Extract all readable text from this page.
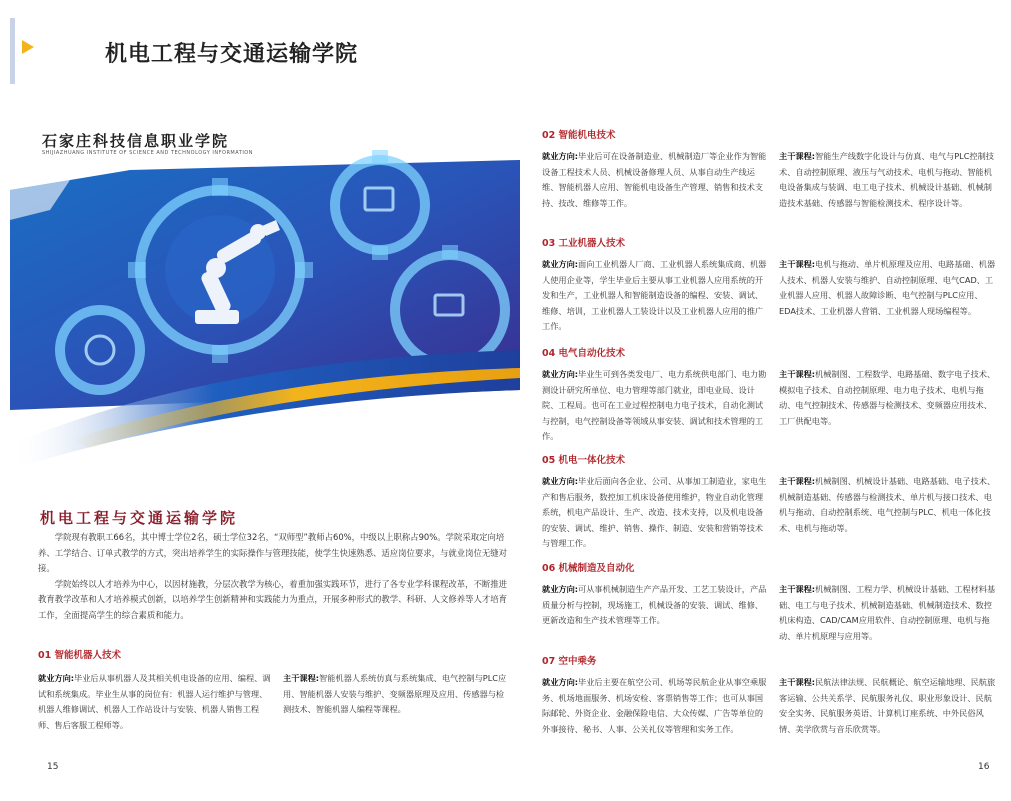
机电工程与交通运输学院
石家庄科技信息职业学院
SHIJIAZHUANG INSTITUTE OF SCIENCE AND TECHNOLOGY INFORMATION
机电工程与交通运输学院

学院现有教职工66名，其中博士学位2名，硕士学位32名，“双师型”教师占60%，中级以上职称占90%。学院采取定向培养、工学结合、订单式教学的方式，突出培养学生的实际操作与管理技能，使学生快速熟悉、适应岗位要求，与就业岗位无缝对接。

学院始终以人才培养为中心，以因材施教，分层次教学为核心，着重加强实践环节，进行了各专业学科课程改革，不断推进教育教学改革和人才培养模式创新，以培养学生创新精神和实践能力为重点，开展多种形式的教学、科研、人文修养等人才培育工作，全面提高学生的综合素质和能力。

01 智能机器人技术
就业方向:毕业后从事机器人及其相关机电设备的应用、编程、调试和系统集成。毕业生从事的岗位有：机器人运行维护与管理、机器人维修调试、机器人工作站设计与安装、机器人销售工程师、售后客服工程师等。
主干课程:智能机器人系统仿真与系统集成、电气控制与PLC应用、智能机器人安装与维护、变频器原理及应用、传感器与检测技术、智能机器人编程等课程。
15
02 智能机电技术
就业方向:毕业后可在设备制造业、机械制造厂等企业作为智能设备工程技术人员、机械设备修理人员、从事自动生产线运维、智能机器人应用、智能机电设备生产管理、销售和技术支持、技改、维修等工作。
主干课程:智能生产线数字化设计与仿真、电气与PLC控制技术、自动控制原理、液压与气动技术、电机与拖动、智能机电设备集成与装调、电工电子技术、机械设计基础、机械制造技术基础、传感器与智能检测技术、程序设计等。
03 工业机器人技术
就业方向:面向工业机器人厂商、工业机器人系统集成商、机器人使用企业等，学生毕业后主要从事工业机器人应用系统的开发和生产，工业机器人和智能制造设备的编程、安装、调试、维修、培训，工业机器人工装设计以及工业机器人应用的推广工作。
主干课程:电机与拖动、单片机原理及应用、电路基础、机器人技术、机器人安装与维护、自动控制原理、电气CAD、工业机器人应用、机器人故障诊断、电气控制与PLC应用、EDA技术、工业机器人营销、工业机器人现场编程等。
04 电气自动化技术
就业方向:毕业生可到各类发电厂、电力系统供电部门、电力勘测设计研究所单位、电力管理等部门就业，即电业局、设计院、工程局。也可在工业过程控制电力电子技术，自动化测试与控制，电气控制设备等领域从事安装、调试和技术管理的工作。
主干课程:机械制图、工程数学、电路基础、数字电子技术、模拟电子技术、自动控制原理、电力电子技术、电机与拖动、电气控制技术、传感器与检测技术、变频器应用技术、工厂供配电等。
05 机电一体化技术
就业方向:毕业后面向各企业、公司、从事加工制造业，家电生产和售后服务，数控加工机床设备使用维护，物业自动化管理系统，机电产品设计、生产、改造、技术支持，以及机电设备的安装、调试、维护、销售、操作、制造、安装和营销等技术与管理工作。
主干课程:机械制图、机械设计基础、电路基础、电子技术、机械制造基础、传感器与检测技术、单片机与接口技术、电机与拖动、自动控制系统、电气控制与PLC、机电一体化技术、电机与拖动等。
06 机械制造及自动化
就业方向:可从事机械制造生产产品开发、工艺工装设计，产品质量分析与控制，现场施工，机械设备的安装、调试、维修、更新改造和生产技术管理等工作。
主干课程:机械制图、工程力学、机械设计基础、工程材料基础、电工与电子技术、机械制造基础、机械制造技术、数控机床构造、CAD/CAM应用软件、自动控制原理、电机与拖动、单片机原理与应用等。
07 空中乘务
就业方向:毕业后主要在航空公司、机场等民航企业从事空乘服务、机场地面服务、机场安检、客票销售等工作；也可从事国际邮轮、外资企业、金融保险电信、大众传媒、广告等单位的外事接待、秘书、人事、公关礼仪等管理和实务工作。
主干课程:民航法律法规、民航概论、航空运输地理、民航旅客运输、公共关系学、民航服务礼仪、职业形象设计、民航安全实务、民航服务英语、计算机订座系统、中外民俗风情、美学欣赏与音乐欣赏等。
16
